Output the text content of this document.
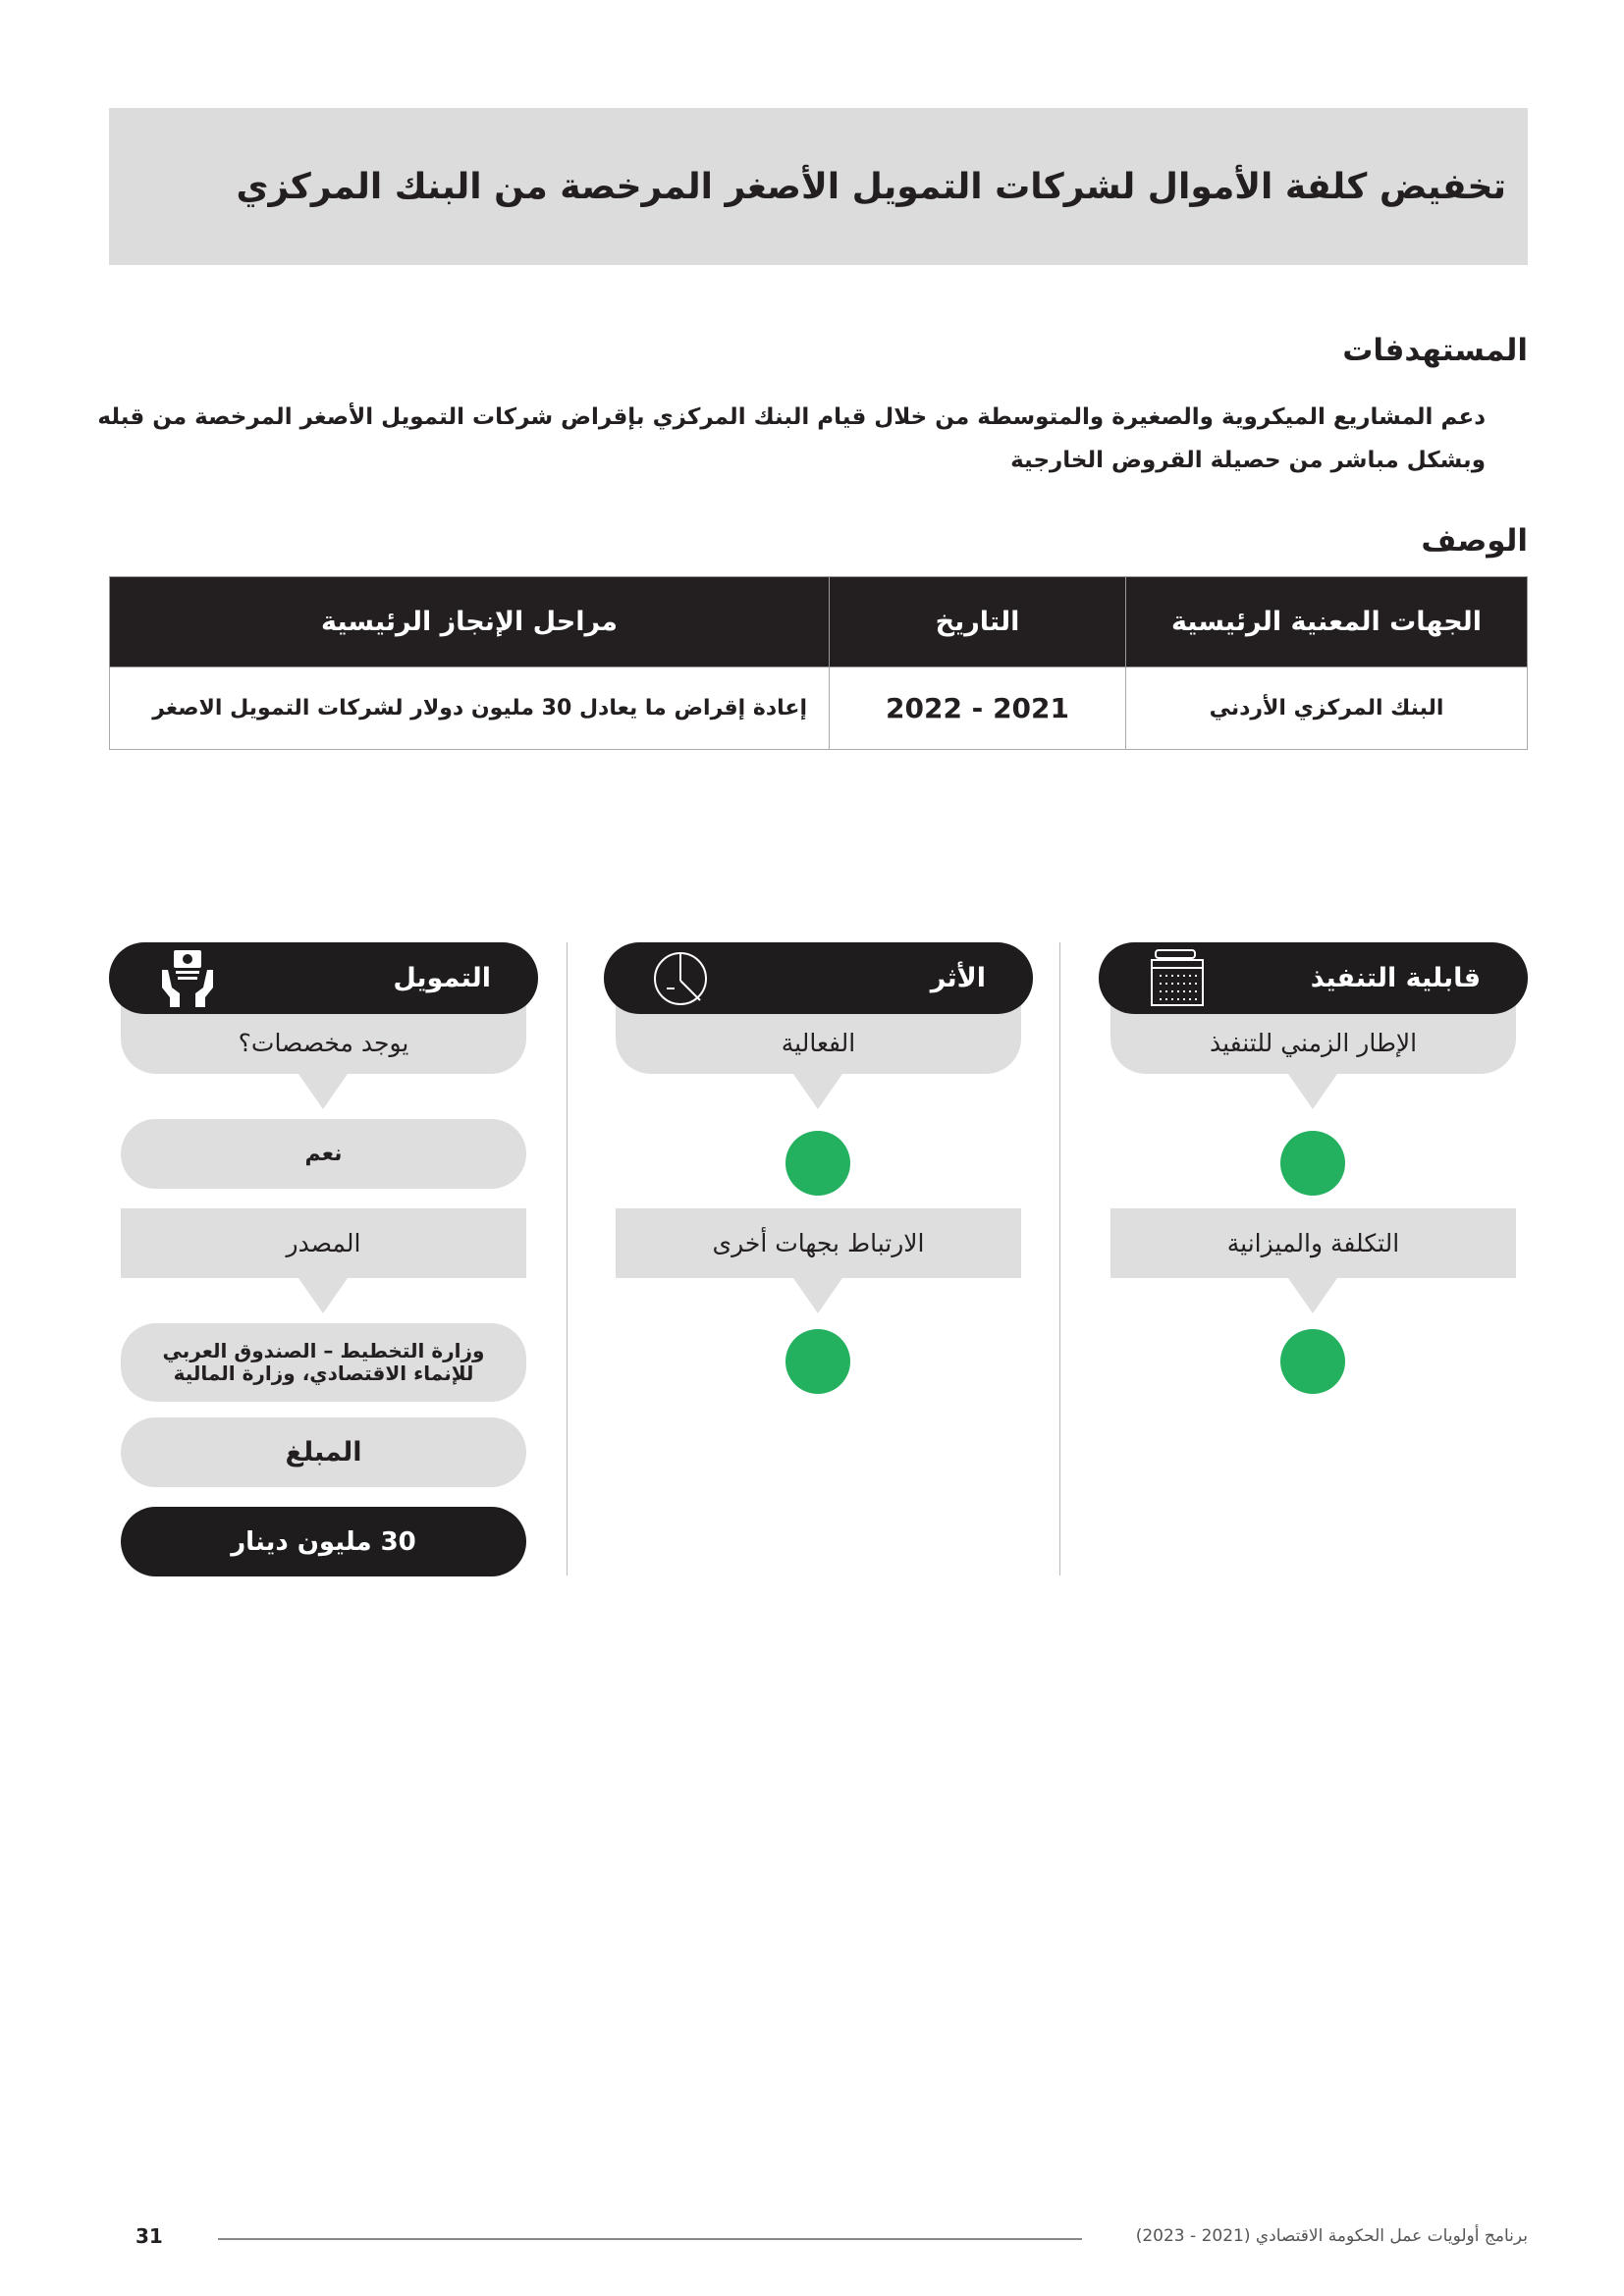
تخفيض كلفة الأموال لشركات التمويل الأصغر المرخصة من البنك المركزي
المستهدفات
دعم المشاريع الميكروية والصغيرة والمتوسطة من خلال قيام البنك المركزي بإقراض شركات التمويل الأصغر المرخصة من قبله
وبشكل مباشر من حصيلة القروض الخارجية
الوصف
الجهات المعنية الرئيسية	التاريخ	مراحل الإنجاز الرئيسية
البنك المركزي الأردني	2021 - 2022	إعادة إقراض ما يعادل 30 مليون دولار لشركات التمويل الاصغر
قابلية التنفيذ
الإطار الزمني للتنفيذ
التكلفة والميزانية
الأثر
الفعالية
الارتباط بجهات أخرى
التمويل
يوجد مخصصات؟
نعم
المصدر
وزارة التخطيط – الصندوق العربي للإنماء الاقتصادي، وزارة المالية
المبلغ
30 مليون دينار
31	برنامج أولويات عمل الحكومة الاقتصادي (2021 - 2023)
